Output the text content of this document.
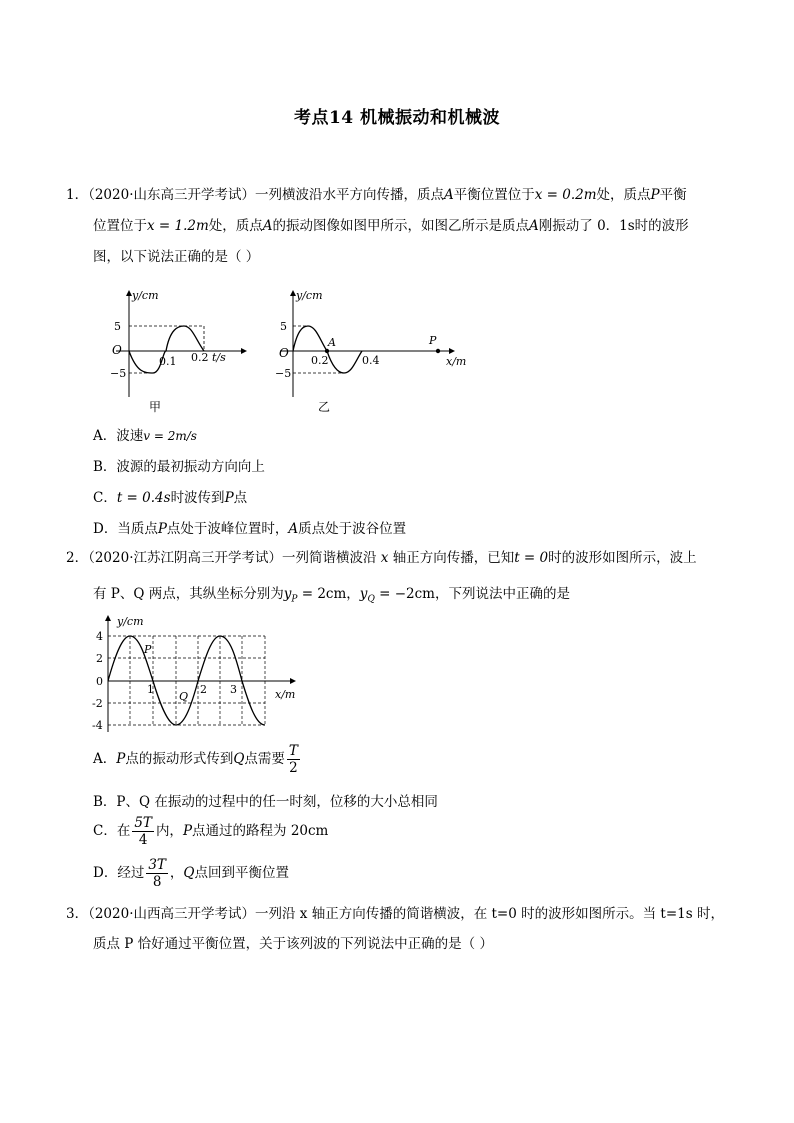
考点14 机械振动和机械波
1．（2020·山东高三开学考试）一列横波沿水平方向传播，质点A平衡位置位于x = 0.2m处，质点P平衡
位置位于x = 1.2m处，质点A的振动图像如图甲所示，如图乙所示是质点A刚振动了 0．1s时的波形
图，以下说法正确的是（ ）
y/cm
O
5
−5
0.1 0.2 t/s
甲
y/cm
O
5
−5
0.2	0.4
A	P
x/m
乙
A．波速v = 2m/s
B．波源的最初振动方向向上
C．t = 0.4s时波传到P点
D．当质点P点处于波峰位置时，A质点处于波谷位置
2．（2020·江苏江阴高三开学考试）一列简谐横波沿 x 轴正方向传播，已知t = 0时的波形如图所示，波上
有 P、Q 两点，其纵坐标分别为$y_P = 2cm$，$y_Q = -2cm$，下列说法中正确的是
y/cm
4
2
0
-2
-4
1	2 3
P
Q	x/m
A．P点的振动形式传到Q点需要 $\frac{T}{2}$
B．P、Q 在振动的过程中的任一时刻，位移的大小总相同
C．在 $\frac{5T}{4}$ 内，P点通过的路程为 20cm
D．经过 $\frac{3T}{8}$ ，Q点回到平衡位置
3．（2020·山西高三开学考试）一列沿 x 轴正方向传播的简谐横波，在 t=0 时的波形如图所示。当 t=1s 时，
质点 P 恰好通过平衡位置，关于该列波的下列说法中正确的是（ ）
